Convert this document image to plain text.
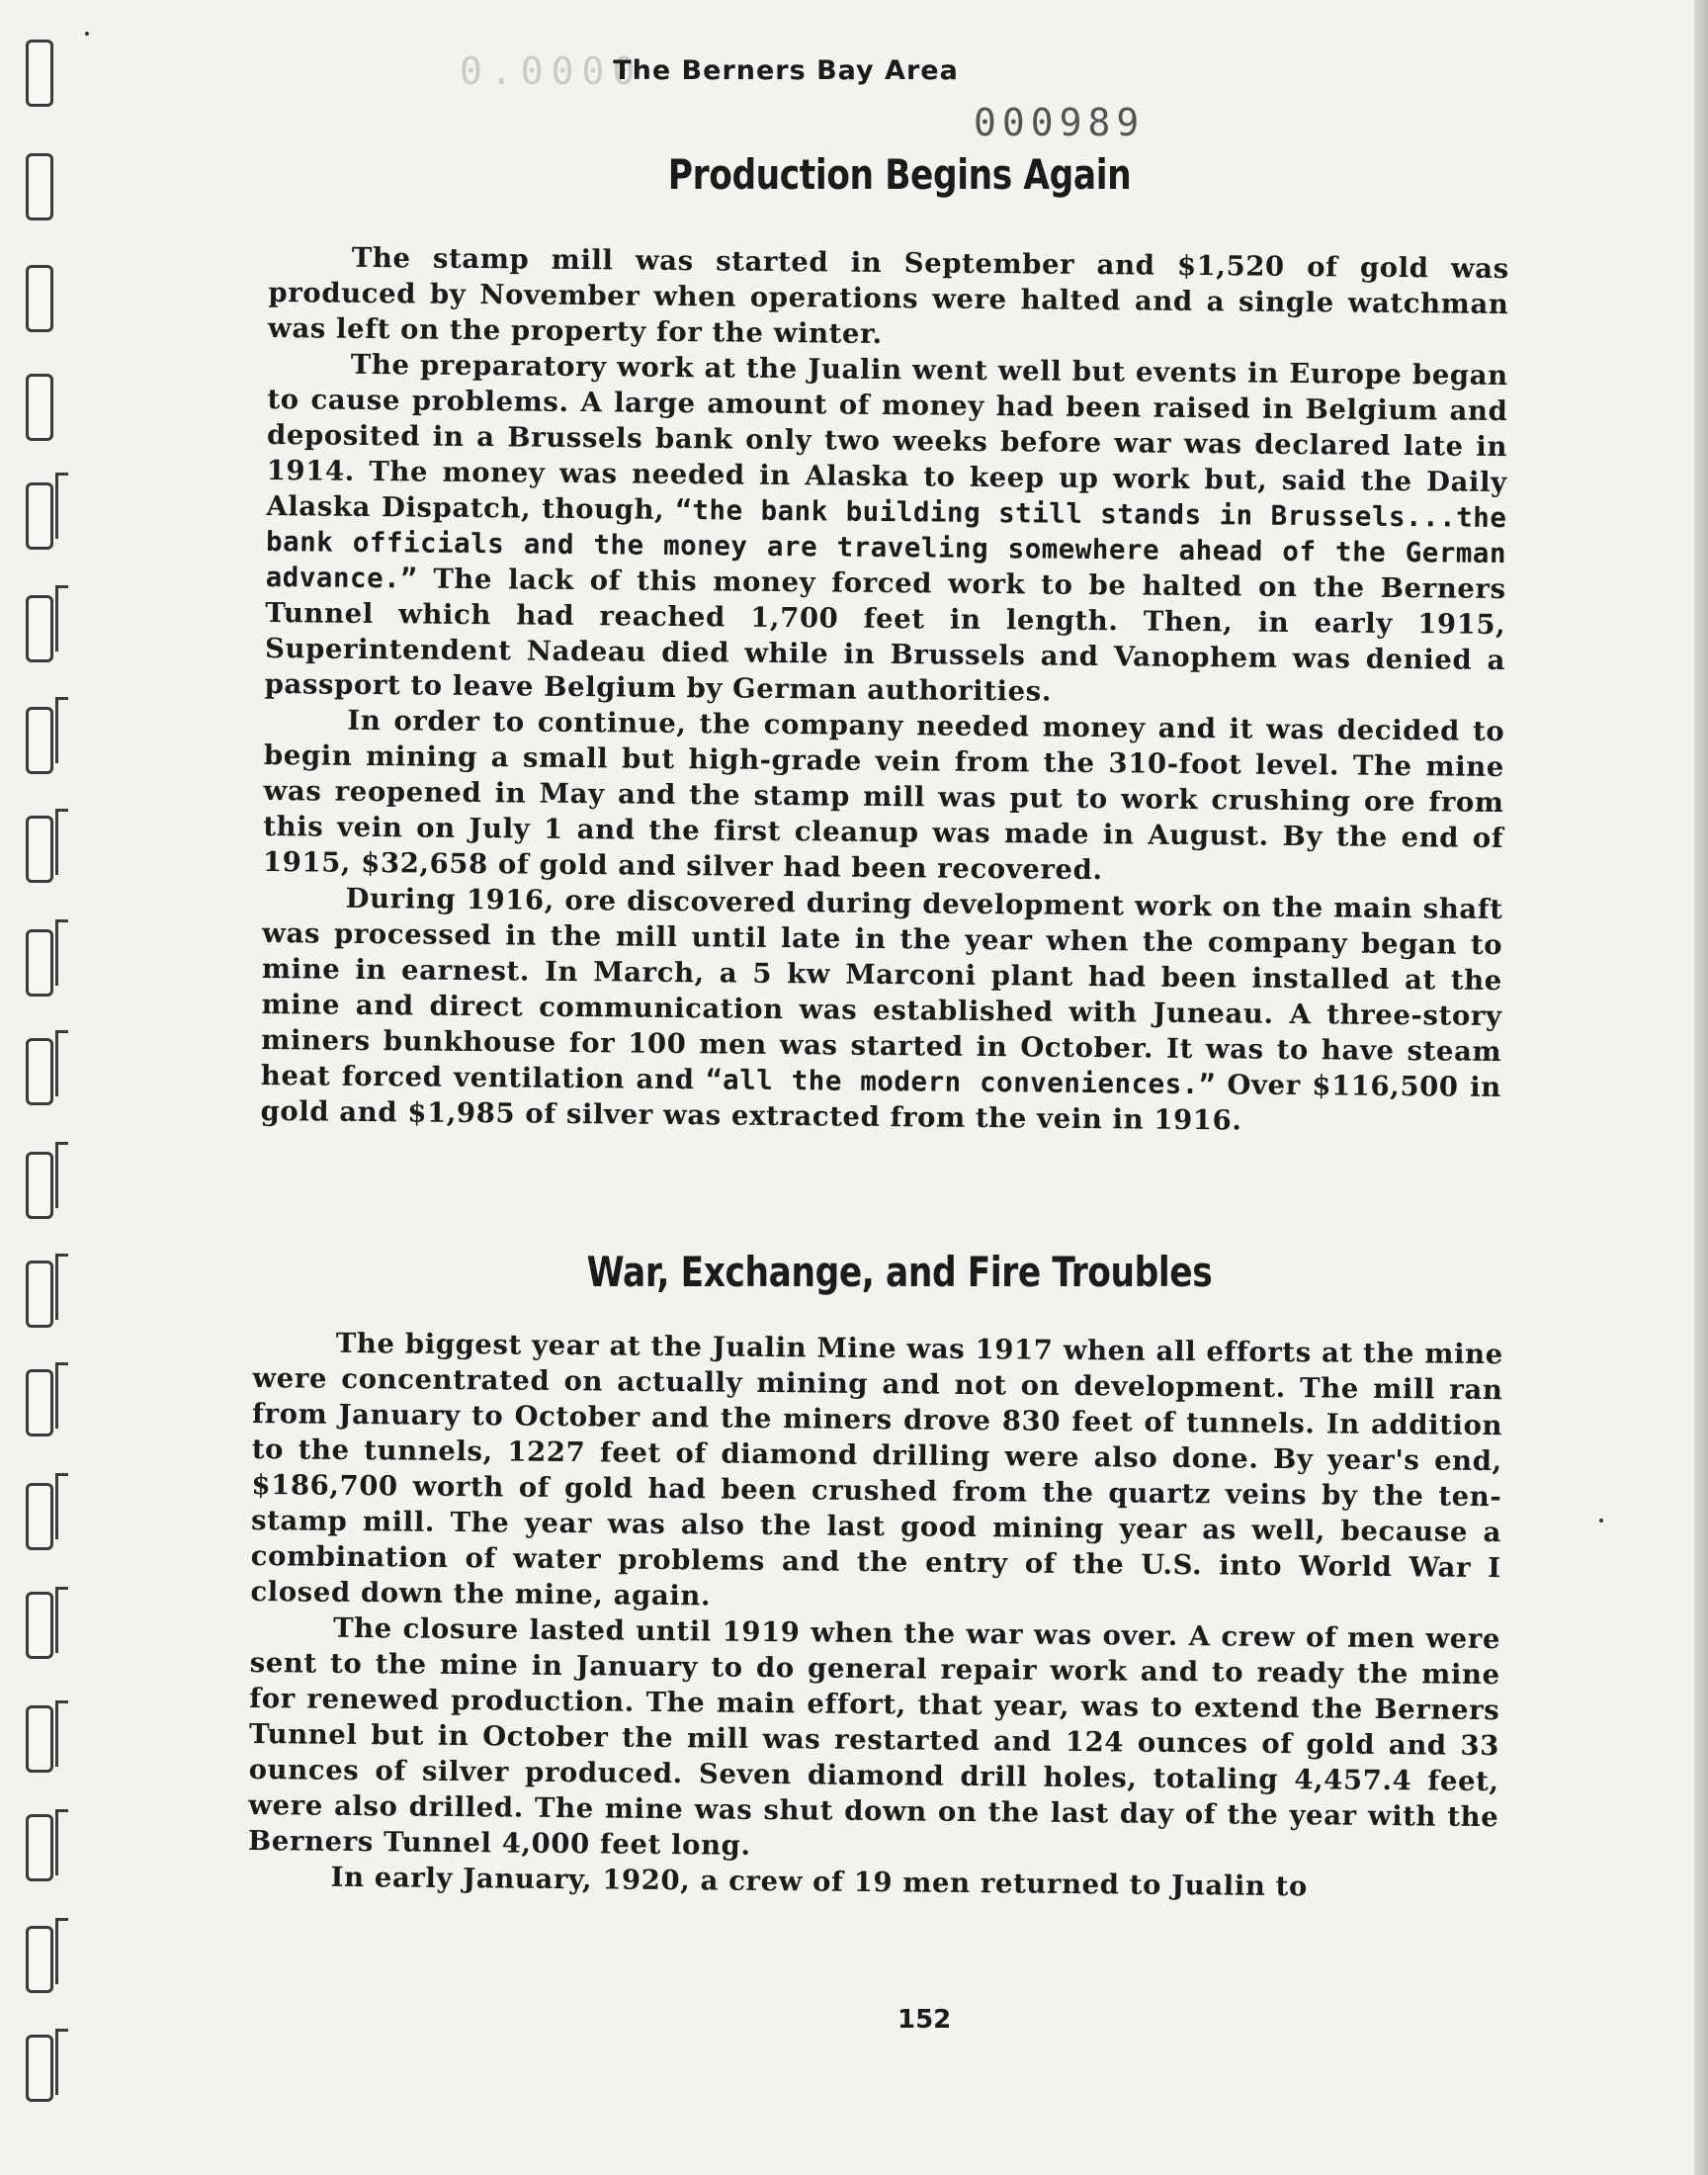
0.0000
The Berners Bay Area
000989
Production Begins Again

The stamp mill was started in September and $1,520 of gold was produced by November when operations were halted and a single watchman was left on the property for the winter.

The preparatory work at the Jualin went well but events in Europe began to cause problems. A large amount of money had been raised in Belgium and deposited in a Brussels bank only two weeks before war was declared late in 1914. The money was needed in Alaska to keep up work but, said the Daily Alaska Dispatch, though, “the bank building still stands in Brussels...the bank officials and the money are traveling somewhere ahead of the German advance.” The lack of this money forced work to be halted on the Berners Tunnel which had reached 1,700 feet in length. Then, in early 1915, Superintendent Nadeau died while in Brussels and Vanophem was denied a passport to leave Belgium by German authorities.

In order to continue, the company needed money and it was decided to begin mining a small but high-grade vein from the 310-foot level. The mine was reopened in May and the stamp mill was put to work crushing ore from this vein on July 1 and the first cleanup was made in August. By the end of 1915, $32,658 of gold and silver had been recovered.

During 1916, ore discovered during development work on the main shaft was processed in the mill until late in the year when the company began to mine in earnest. In March, a 5 kw Marconi plant had been installed at the mine and direct communication was established with Juneau. A three-story miners bunkhouse for 100 men was started in October. It was to have steam heat forced ventilation and “all the modern conveniences.” Over $116,500 in gold and $1,985 of silver was extracted from the vein in 1916.

War, Exchange, and Fire Troubles

The biggest year at the Jualin Mine was 1917 when all efforts at the mine were concentrated on actually mining and not on development. The mill ran from January to October and the miners drove 830 feet of tunnels. In addition to the tunnels, 1227 feet of diamond drilling were also done. By year's end, $186,700 worth of gold had been crushed from the quartz veins by the ten-stamp mill. The year was also the last good mining year as well, because a combination of water problems and the entry of the U.S. into World War I closed down the mine, again.

The closure lasted until 1919 when the war was over. A crew of men were sent to the mine in January to do general repair work and to ready the mine for renewed production. The main effort, that year, was to extend the Berners Tunnel but in October the mill was restarted and 124 ounces of gold and 33 ounces of silver produced. Seven diamond drill holes, totaling 4,457.4 feet, were also drilled. The mine was shut down on the last day of the year with the Berners Tunnel 4,000 feet long.

In early January, 1920, a crew of 19 men returned to Jualin to

152
